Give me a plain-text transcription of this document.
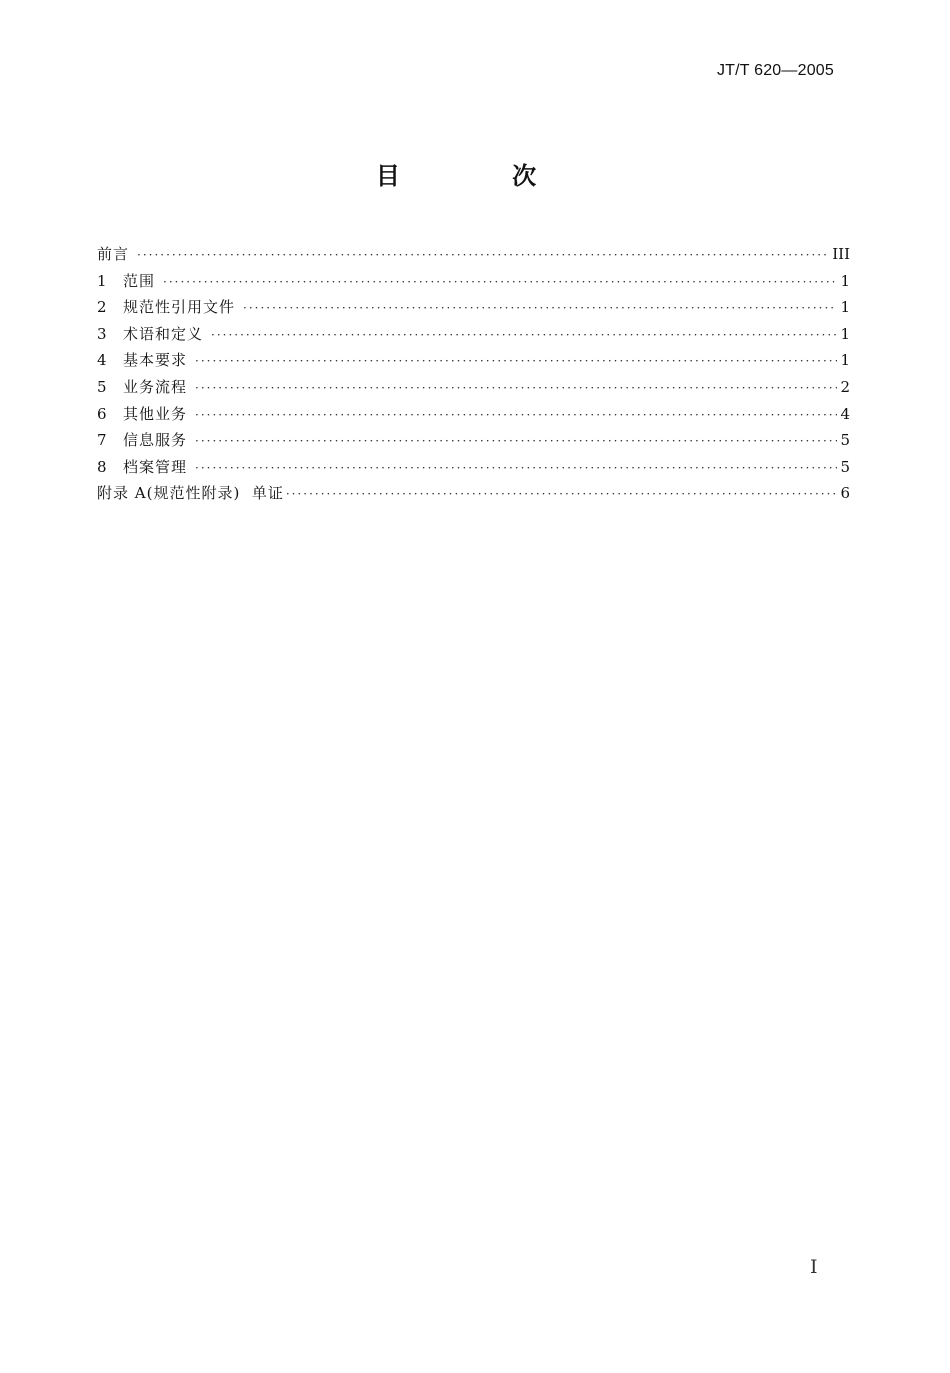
JT/T 620—2005
目 次
前言 ·····	III
1	范围 ·····	1
2	规范性引用文件 ·····	1
3	术语和定义 ·····	1
4	基本要求 ·····	1
5	业务流程 ·····	2
6	其他业务 ·····	4
7	信息服务 ·····	5
8	档案管理 ·····	5
附录 A(规范性附录)  单证 ·····	6
I
